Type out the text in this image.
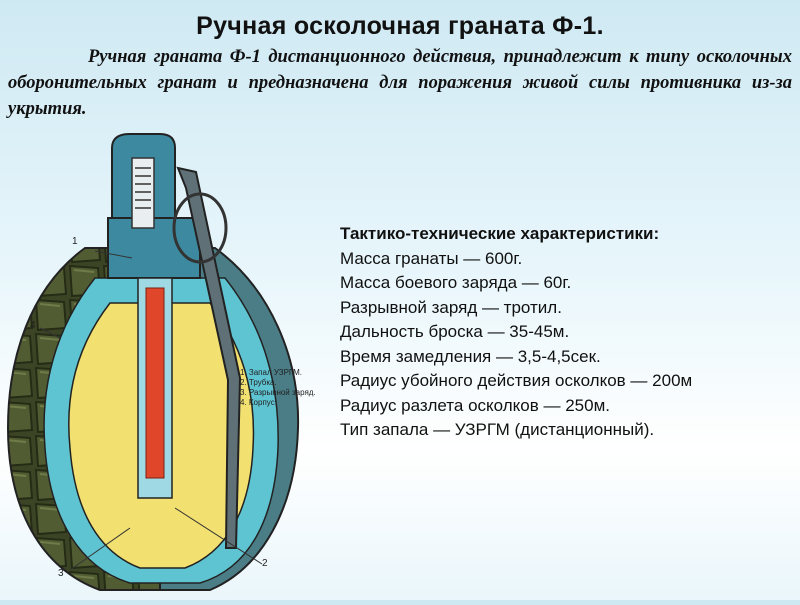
Ручная осколочная граната Ф-1.
Ручная граната Ф-1 дистанционного действия, принадлежит к типу осколочных оборонительных гранат и предназначена для поражения живой силы противника из-за укрытия.
1. Запал УЗРГМ.
2. Трубка.
3. Разрывной заряд.
4. Корпус.
1
2
3
4
Тактико-технические характеристики:
Масса гранаты — 600г.
Масса боевого заряда — 60г.
Разрывной заряд — тротил.
Дальность броска — 35-45м.
Время замедления — 3,5-4,5сек.
Радиус убойного действия осколков — 200м
Радиус разлета осколков — 250м.
Тип запала — УЗРГМ (дистанционный).
